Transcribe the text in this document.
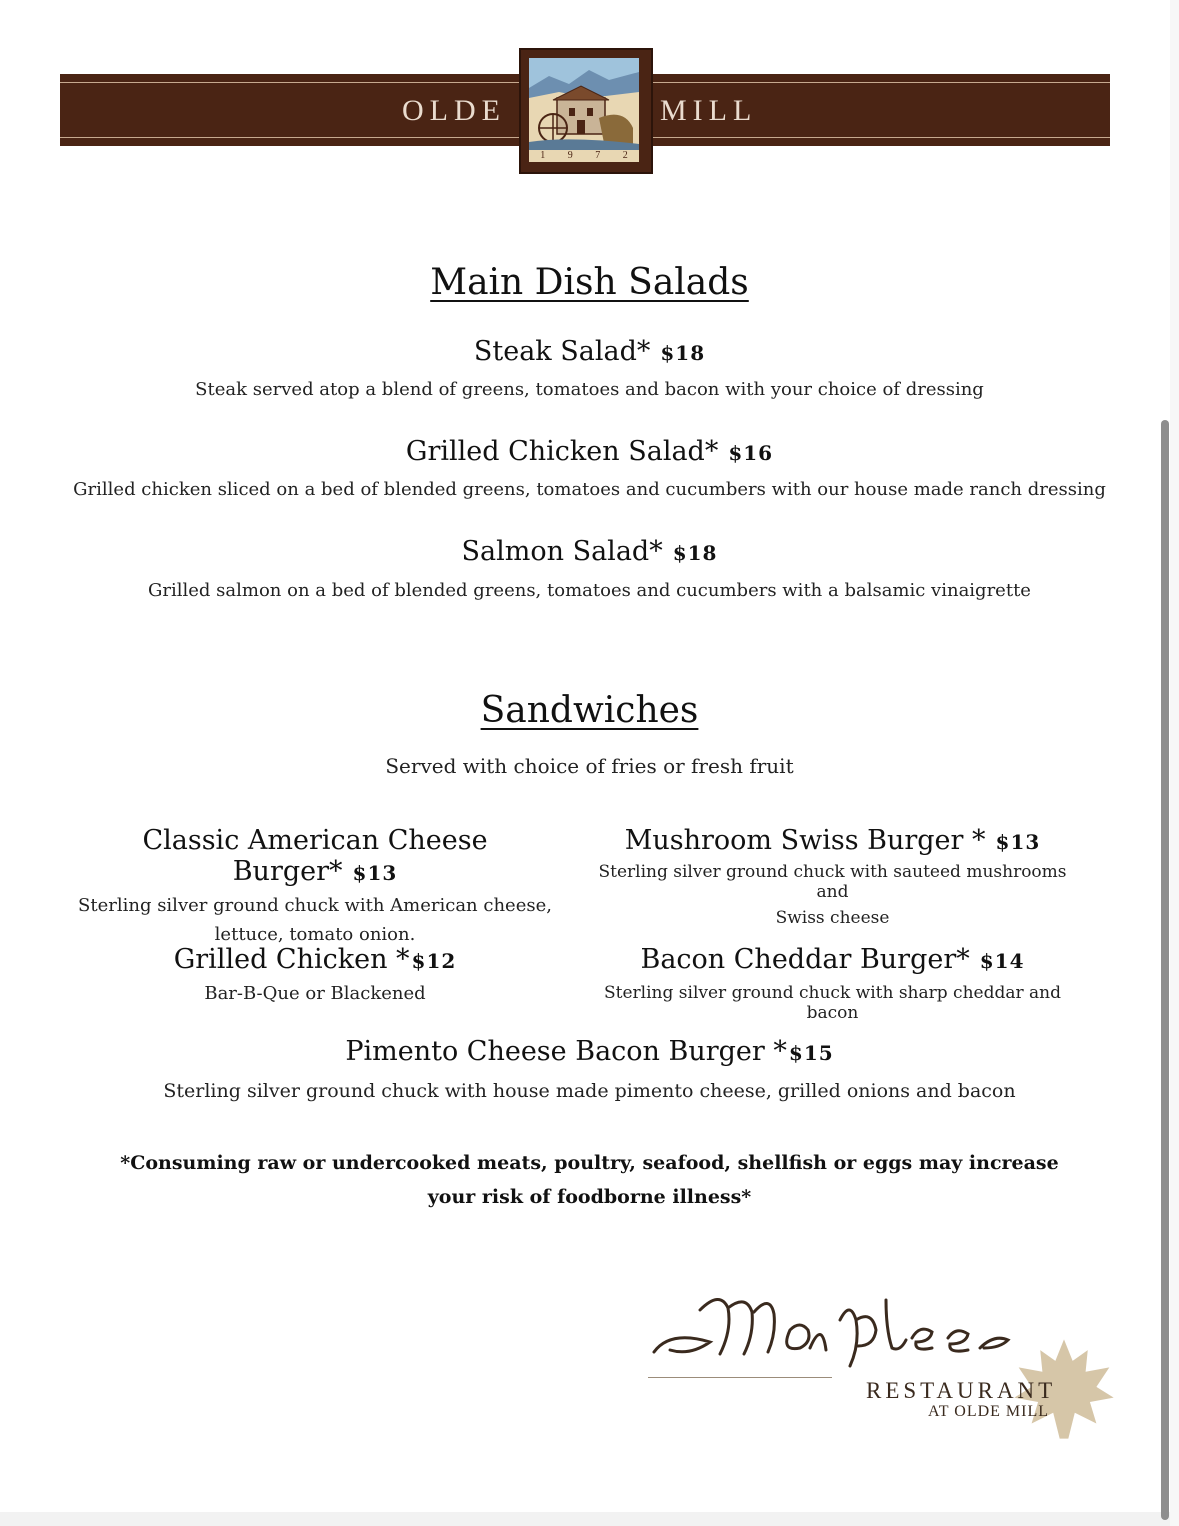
OLDE	MILL
1 9 7 2
Main Dish Salads
Steak Salad* $18
Steak served atop a blend of greens, tomatoes and bacon with your choice of dressing
Grilled Chicken Salad* $16
Grilled chicken sliced on a bed of blended greens, tomatoes and cucumbers with our house made ranch dressing
Salmon Salad* $18
Grilled salmon on a bed of blended greens, tomatoes and cucumbers with a balsamic vinaigrette
Sandwiches
Served with choice of fries or fresh fruit
Classic American Cheese Burger* $13
Sterling silver ground chuck with American cheese,
lettuce, tomato onion.
Mushroom Swiss Burger * $13
Sterling silver ground chuck with sauteed mushrooms and
Swiss cheese
Grilled Chicken * $12
Bar-B-Que or Blackened
Bacon Cheddar Burger* $14
Sterling silver ground chuck with sharp cheddar and bacon
Pimento Cheese Bacon Burger * $15
Sterling silver ground chuck with house made pimento cheese, grilled onions and bacon
*Consuming raw or undercooked meats, poultry, seafood, shellfish or eggs may increase
your risk of foodborne illness*
RESTAURANT
AT OLDE MILL
